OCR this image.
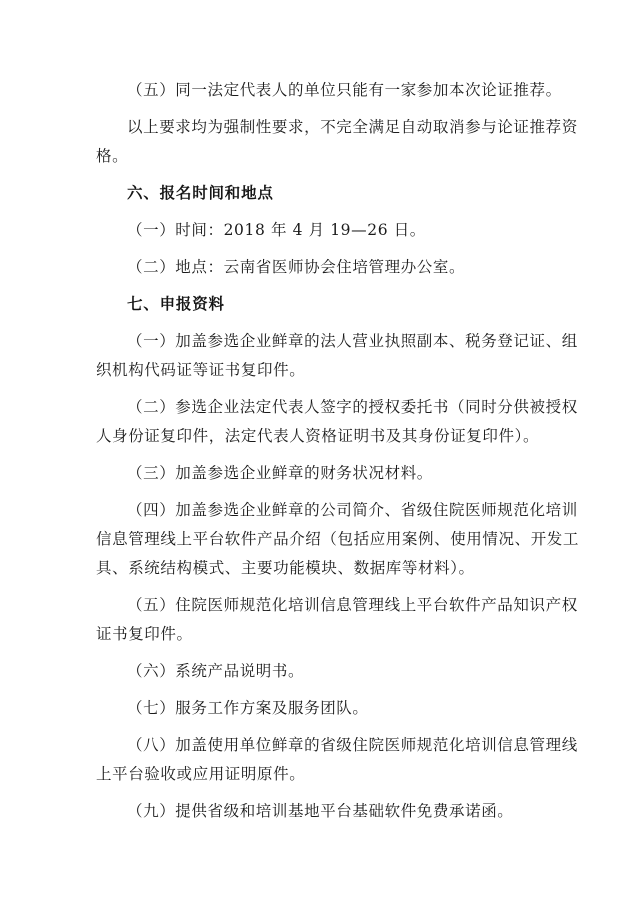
（五）同一法定代表人的单位只能有一家参加本次论证推荐。

以上要求均为强制性要求，不完全满足自动取消参与论证推荐资

格。

六、报名时间和地点

（一）时间：2018 年 4 月 19—26 日。

（二）地点：云南省医师协会住培管理办公室。

七、申报资料

（一）加盖参选企业鲜章的法人营业执照副本、税务登记证、组

织机构代码证等证书复印件。

（二）参选企业法定代表人签字的授权委托书（同时分供被授权

人身份证复印件，法定代表人资格证明书及其身份证复印件）。

（三）加盖参选企业鲜章的财务状况材料。

（四）加盖参选企业鲜章的公司简介、省级住院医师规范化培训

信息管理线上平台软件产品介绍（包括应用案例、使用情况、开发工

具、系统结构模式、主要功能模块、数据库等材料）。

（五）住院医师规范化培训信息管理线上平台软件产品知识产权

证书复印件。

（六）系统产品说明书。

（七）服务工作方案及服务团队。

（八）加盖使用单位鲜章的省级住院医师规范化培训信息管理线

上平台验收或应用证明原件。

（九）提供省级和培训基地平台基础软件免费承诺函。
